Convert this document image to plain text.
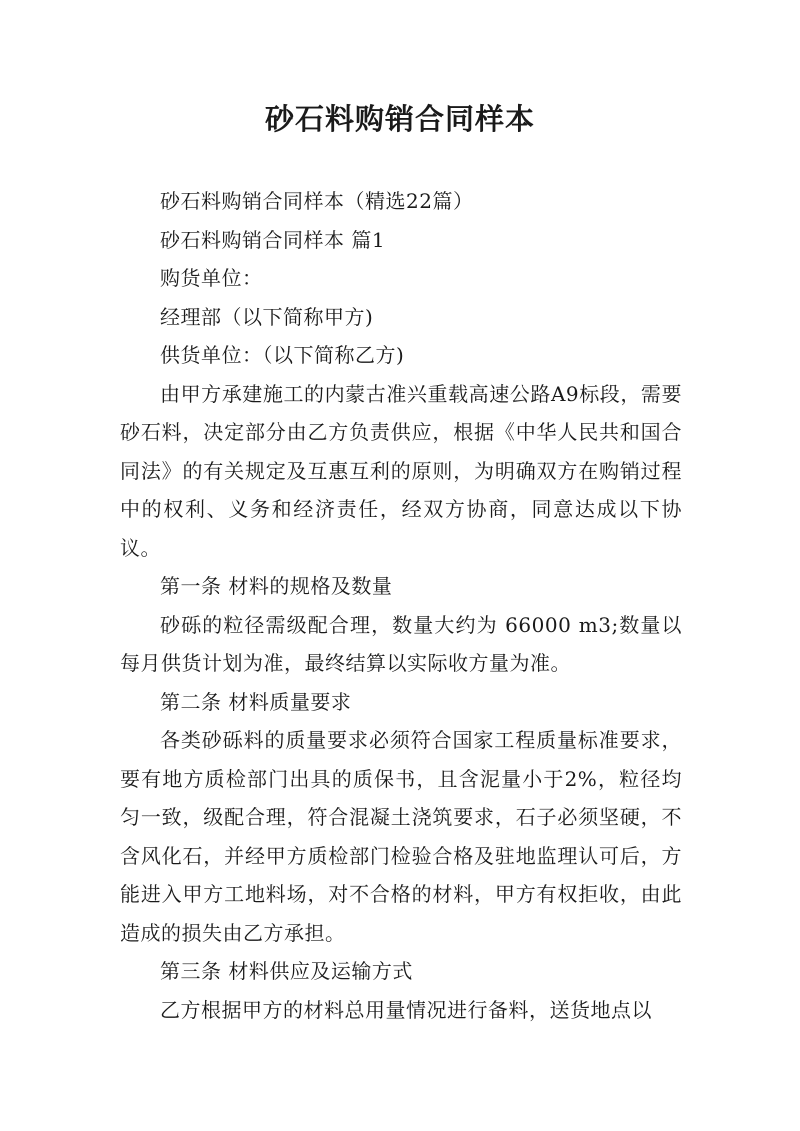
砂石料购销合同样本

砂石料购销合同样本（精选22篇）

砂石料购销合同样本 篇1

购货单位：

经理部（以下简称甲方)

供货单位：（以下简称乙方)

由甲方承建施工的内蒙古准兴重载高速公路A9标段，需要砂石料，决定部分由乙方负责供应，根据《中华人民共和国合同法》的有关规定及互惠互利的原则，为明确双方在购销过程中的权利、义务和经济责任，经双方协商，同意达成以下协议。

第一条 材料的规格及数量

砂砾的粒径需级配合理，数量大约为 66000 m3;数量以每月供货计划为准，最终结算以实际收方量为准。

第二条 材料质量要求

各类砂砾料的质量要求必须符合国家工程质量标准要求，要有地方质检部门出具的质保书，且含泥量小于2%，粒径均匀一致，级配合理，符合混凝土浇筑要求，石子必须坚硬，不含风化石，并经甲方质检部门检验合格及驻地监理认可后，方能进入甲方工地料场，对不合格的材料，甲方有权拒收，由此造成的损失由乙方承担。

第三条 材料供应及运输方式

乙方根据甲方的材料总用量情况进行备料，送货地点以
